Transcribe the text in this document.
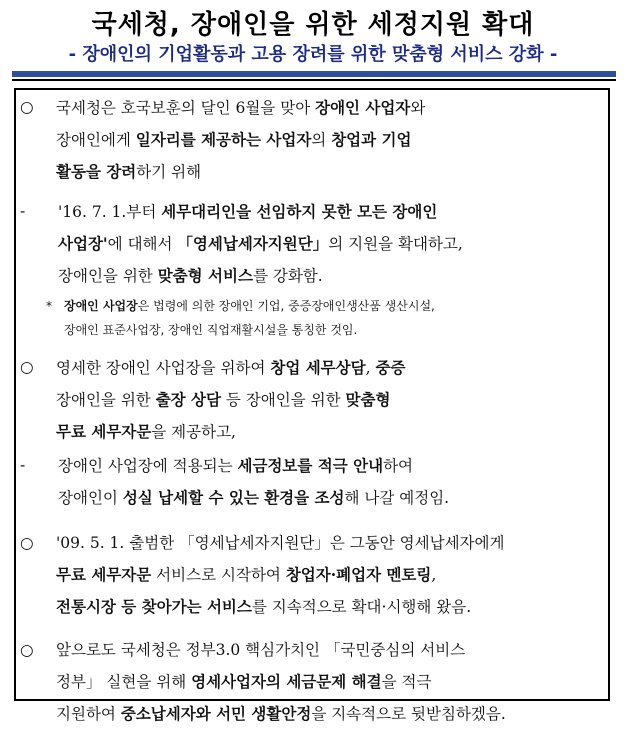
국세청, 장애인을 위한 세정지원 확대
- 장애인의 기업활동과 고용 장려를 위한 맞춤형 서비스 강화 -
○	국세청은 호국보훈의 달인 6월을 맞아 장애인 사업자와
장애인에게 일자리를 제공하는 사업자의 창업과 기업
활동을 장려하기 위해
-	'16. 7. 1.부터 세무대리인을 선임하지 못한 모든 장애인
사업장'에 대해서 「영세납세자지원단」의 지원을 확대하고,
장애인을 위한 맞춤형 서비스를 강화함.
*	장애인 사업장은 법령에 의한 장애인 기업, 중증장애인생산품 생산시설,
장애인 표준사업장, 장애인 직업재활시설을 통칭한 것임.
○	영세한 장애인 사업장을 위하여 창업 세무상담, 중증
장애인을 위한 출장 상담 등 장애인을 위한 맞춤형
무료 세무자문을 제공하고,
-	장애인 사업장에 적용되는 세금정보를 적극 안내하여
장애인이 성실 납세할 수 있는 환경을 조성해 나갈 예정임.
○	'09. 5. 1. 출범한 「영세납세자지원단」은 그동안 영세납세자에게
무료 세무자문 서비스로 시작하여 창업자·폐업자 멘토링,
전통시장 등 찾아가는 서비스를 지속적으로 확대·시행해 왔음.
○	앞으로도 국세청은 정부3.0 핵심가치인 「국민중심의 서비스
정부」 실현을 위해 영세사업자의 세금문제 해결을 적극
지원하여 중소납세자와 서민 생활안정을 지속적으로 뒷받침하겠음.
